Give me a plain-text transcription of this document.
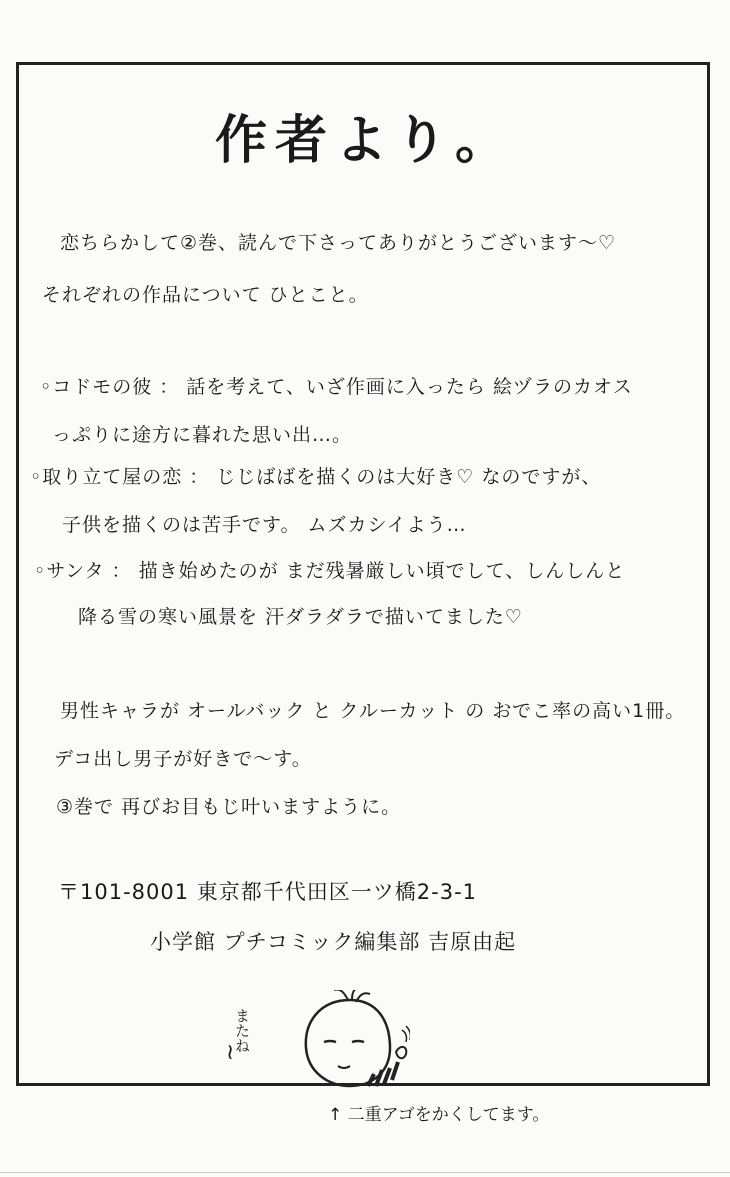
作者より。
恋ちらかして②巻、読んで下さってありがとうございます～♡
それぞれの作品について ひとこと。
◦コドモの彼 ： 話を考えて、いざ作画に入ったら 絵ヅラのカオス
っぷりに途方に暮れた思い出…。
◦取り立て屋の恋 ： じじばばを描くのは大好き♡ なのですが、
子供を描くのは苦手です。 ムズカシイよう…
◦サンタ ： 描き始めたのが まだ残暑厳しい頃でして、しんしんと
降る雪の寒い風景を 汗ダラダラで描いてました♡
男性キャラが オールバック と クルーカット の おでこ率の高い1冊。
デコ出し男子が好きで～す。
③巻で 再びお目もじ叶いますように。
〒101-8001 東京都千代田区一ツ橋2-3-1
小学館 プチコミック編集部 吉原由起
またね
≀
↑ 二重アゴをかくしてます。
